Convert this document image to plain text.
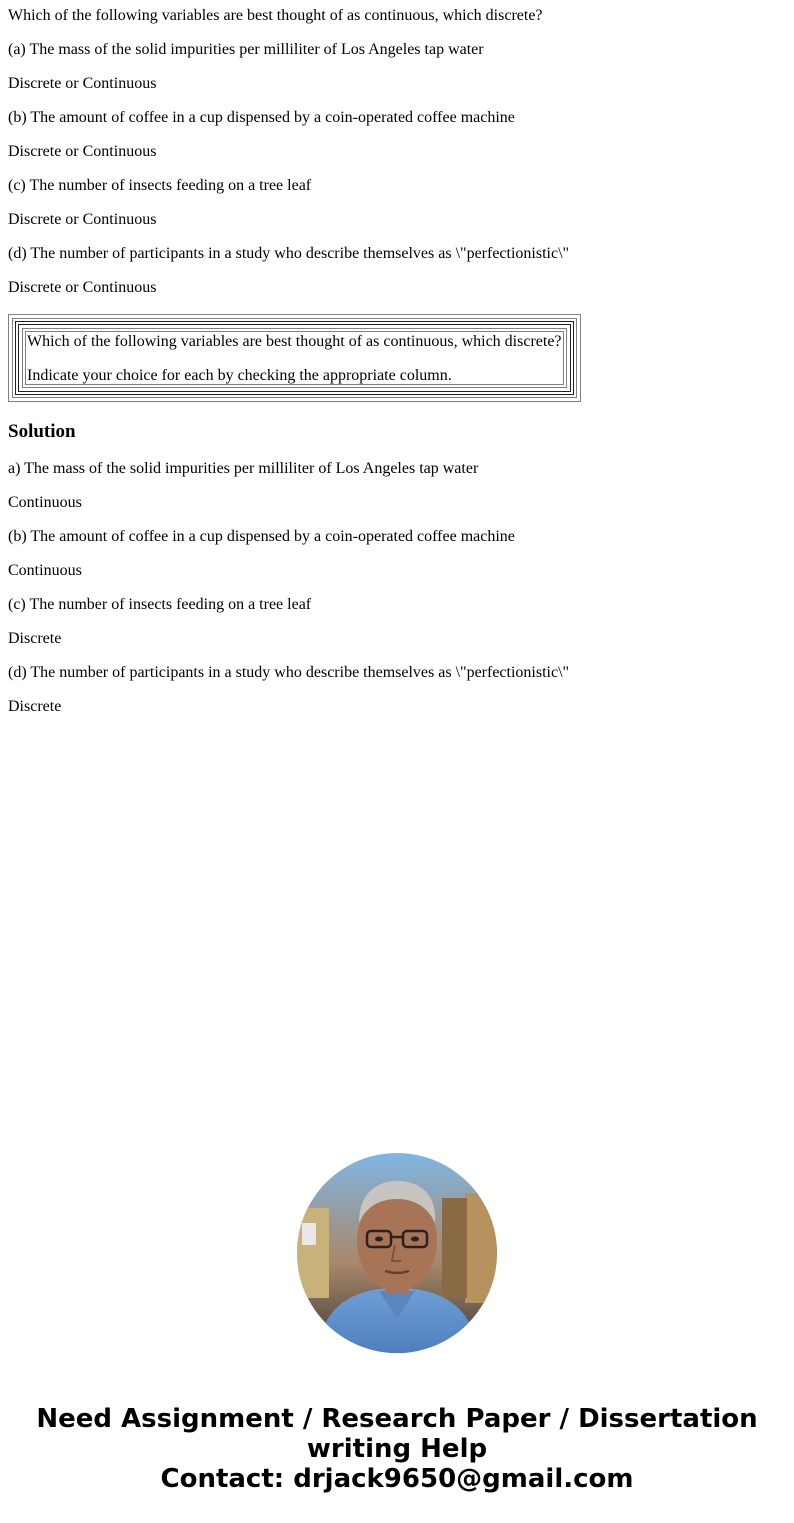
Which of the following variables are best thought of as continuous, which discrete?
(a) The mass of the solid impurities per milliliter of Los Angeles tap water
Discrete or Continuous
(b) The amount of coffee in a cup dispensed by a coin-operated coffee machine
Discrete or Continuous
(c) The number of insects feeding on a tree leaf
Discrete or Continuous
(d) The number of participants in a study who describe themselves as \"perfectionistic\"
Discrete or Continuous
Which of the following variables are best thought of as continuous, which discrete?
Indicate your choice for each by checking the appropriate column.
Solution
a) The mass of the solid impurities per milliliter of Los Angeles tap water
Continuous
(b) The amount of coffee in a cup dispensed by a coin-operated coffee machine
Continuous
(c) The number of insects feeding on a tree leaf
Discrete
(d) The number of participants in a study who describe themselves as \"perfectionistic\"
Discrete
Need Assignment / Research Paper / Dissertation
writing Help
Contact: drjack9650@gmail.com
